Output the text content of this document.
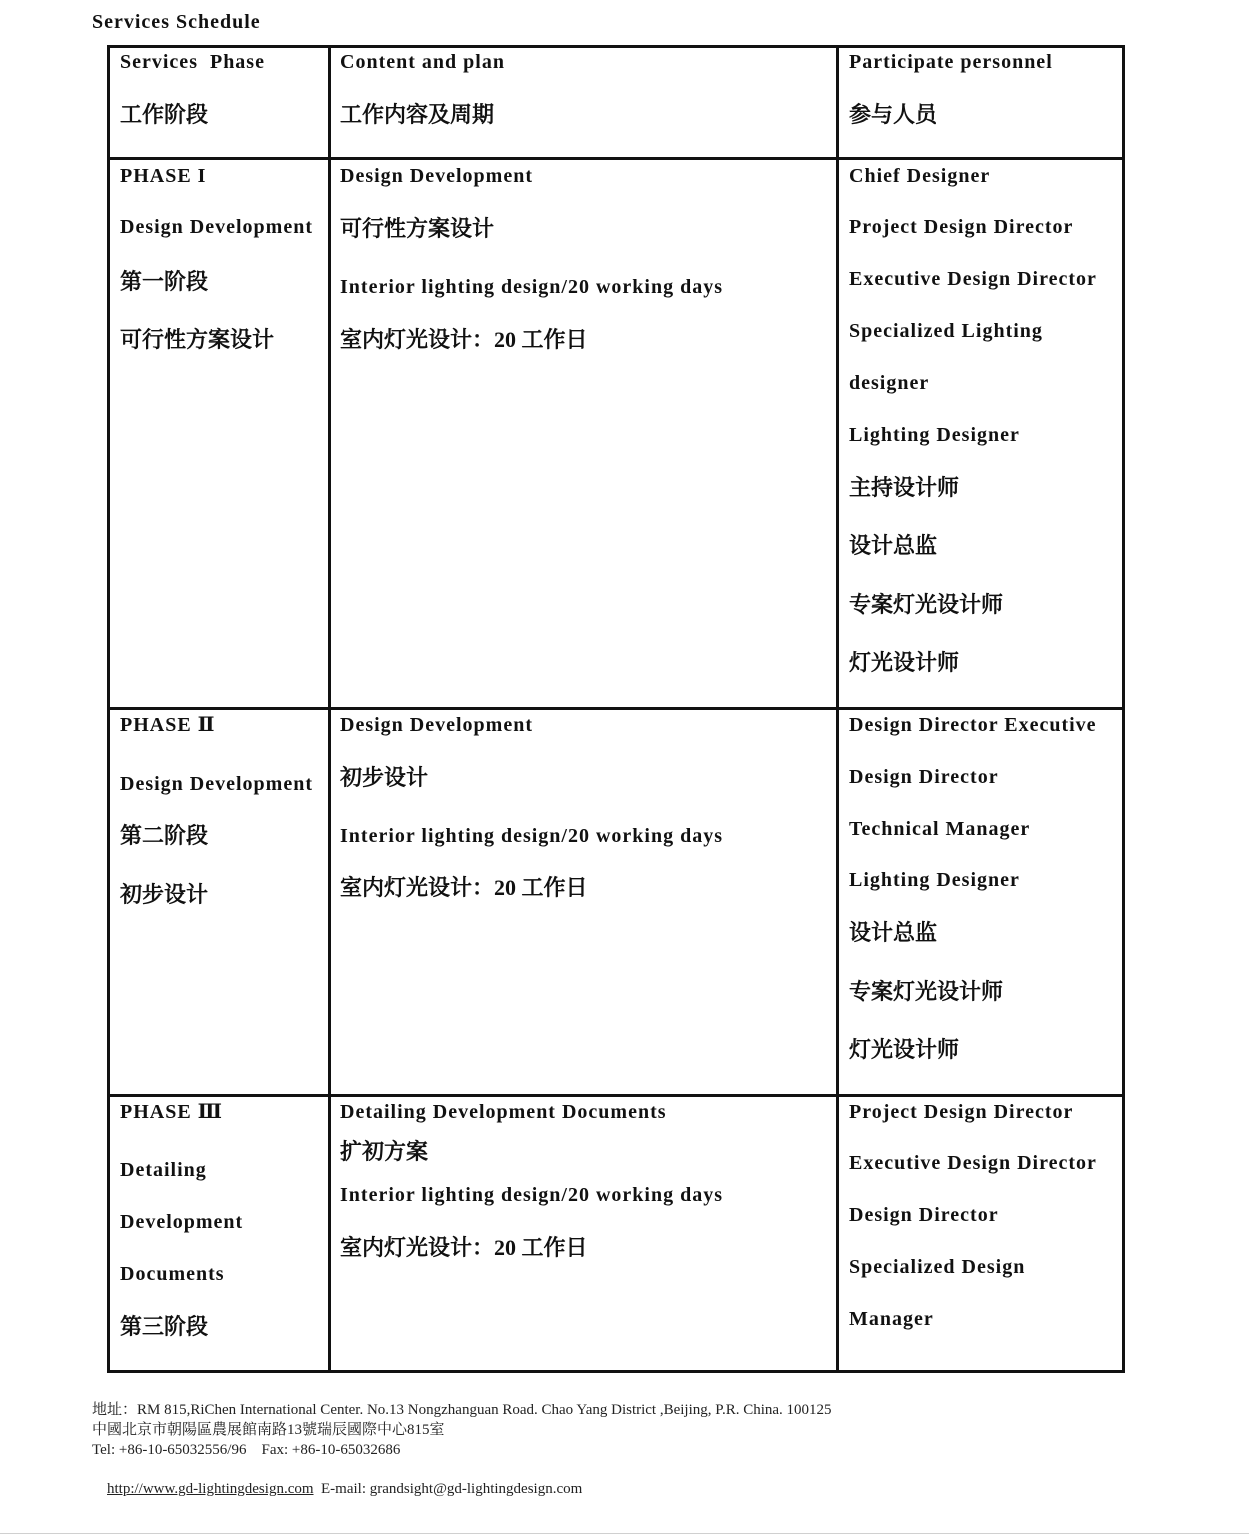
Services Schedule
Services  Phase
工作阶段
Content and plan
工作内容及周期
Participate personnel
参与人员
PHASE I
Design Development
第一阶段
可行性方案设计
Design Development
可行性方案设计
Interior lighting design/20 working days
室内灯光设计：20 工作日
Chief Designer
Project Design Director
Executive Design Director
Specialized Lighting
designer
Lighting Designer
主持设计师
设计总监
专案灯光设计师
灯光设计师
PHASE Ⅱ
Design Development
第二阶段
初步设计
Design Development
初步设计
Interior lighting design/20 working days
室内灯光设计：20 工作日
Design Director Executive
Design Director
Technical Manager
Lighting Designer
设计总监
专案灯光设计师
灯光设计师
PHASE Ⅲ
Detailing
Development
Documents
第三阶段
Detailing Development Documents
扩初方案
Interior lighting design/20 working days
室内灯光设计：20 工作日
Project Design Director
Executive Design Director
Design Director
Specialized Design
Manager
地址：RM 815,RiChen International Center. No.13 Nongzhanguan Road. Chao Yang District ,Beijing, P.R. China. 100125
中國北京市朝陽區農展館南路13號瑞辰國際中心815室
Tel: +86-10-65032556/96    Fax: +86-10-65032686

http://www.gd-lightingdesign.com  E-mail: grandsight@gd-lightingdesign.com
